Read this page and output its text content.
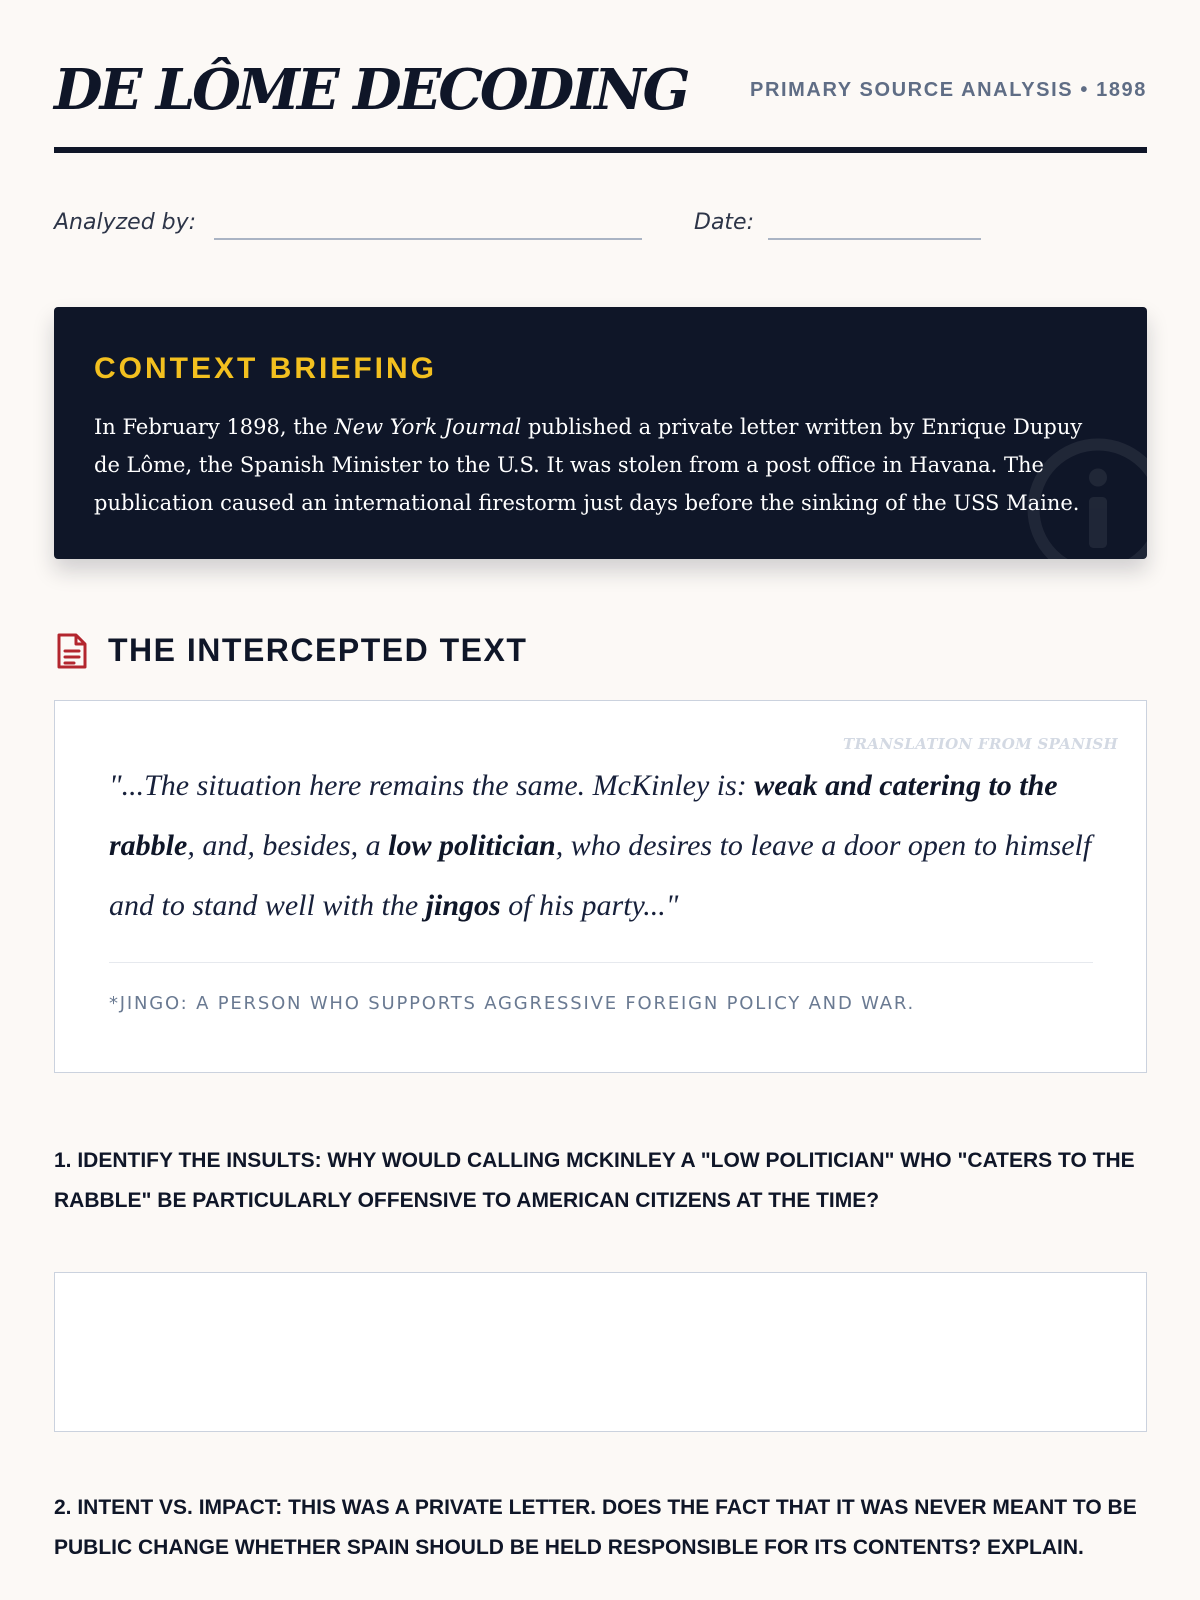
DE LÔME DECODING	PRIMARY SOURCE ANALYSIS • 1898
Analyzed by:	Date:
CONTEXT BRIEFING

In February 1898, the New York Journal published a private letter written by Enrique Dupuy de Lôme, the Spanish Minister to the U.S. It was stolen from a post office in Havana. The publication caused an international firestorm just days before the sinking of the USS Maine.

THE INTERCEPTED TEXT
TRANSLATION FROM SPANISH

"...The situation here remains the same. McKinley is: weak and catering to the rabble, and, besides, a low politician, who desires to leave a door open to himself and to stand well with the jingos of his party..."

*JINGO: A PERSON WHO SUPPORTS AGGRESSIVE FOREIGN POLICY AND WAR.

1. IDENTIFY THE INSULTS: WHY WOULD CALLING MCKINLEY A "LOW POLITICIAN" WHO "CATERS TO THE RABBLE" BE PARTICULARLY OFFENSIVE TO AMERICAN CITIZENS AT THE TIME?

2. INTENT VS. IMPACT: THIS WAS A PRIVATE LETTER. DOES THE FACT THAT IT WAS NEVER MEANT TO BE PUBLIC CHANGE WHETHER SPAIN SHOULD BE HELD RESPONSIBLE FOR ITS CONTENTS? EXPLAIN.
